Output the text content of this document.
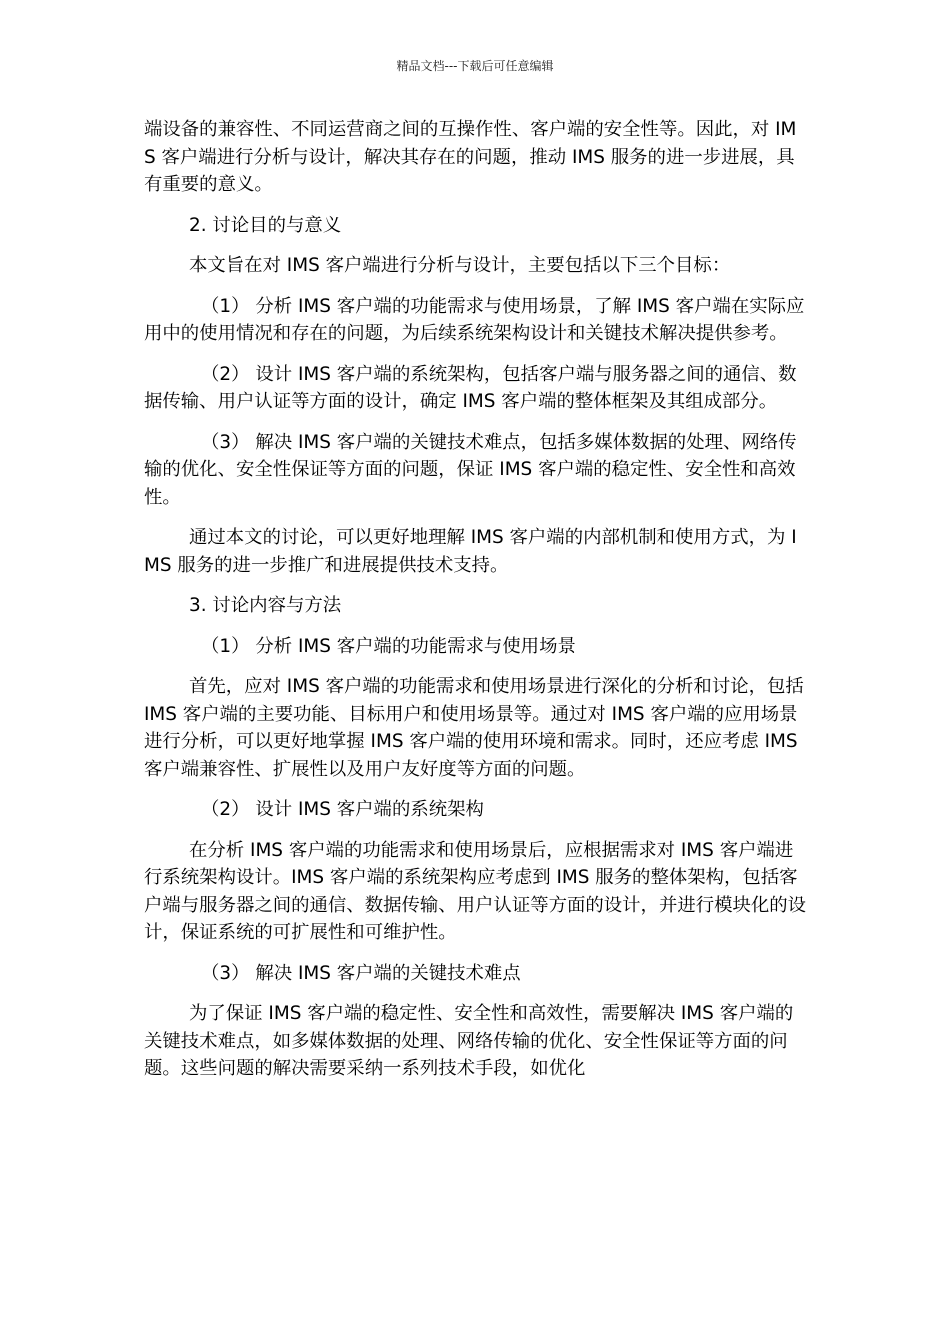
精品文档---下载后可任意编辑

端设备的兼容性、不同运营商之间的互操作性、客户端的安全性等。因此，对 IMS 客户端进行分析与设计，解决其存在的问题，推动 IMS 服务的进一步进展，具有重要的意义。

2. 讨论目的与意义

本文旨在对 IMS 客户端进行分析与设计，主要包括以下三个目标：

（1） 分析 IMS 客户端的功能需求与使用场景，了解 IMS 客户端在实际应用中的使用情况和存在的问题，为后续系统架构设计和关键技术解决提供参考。

（2） 设计 IMS 客户端的系统架构，包括客户端与服务器之间的通信、数据传输、用户认证等方面的设计，确定 IMS 客户端的整体框架及其组成部分。

（3） 解决 IMS 客户端的关键技术难点，包括多媒体数据的处理、网络传输的优化、安全性保证等方面的问题，保证 IMS 客户端的稳定性、安全性和高效性。

通过本文的讨论，可以更好地理解 IMS 客户端的内部机制和使用方式，为 IMS 服务的进一步推广和进展提供技术支持。

3. 讨论内容与方法

（1） 分析 IMS 客户端的功能需求与使用场景

首先，应对 IMS 客户端的功能需求和使用场景进行深化的分析和讨论，包括 IMS 客户端的主要功能、目标用户和使用场景等。通过对 IMS 客户端的应用场景进行分析，可以更好地掌握 IMS 客户端的使用环境和需求。同时，还应考虑 IMS 客户端兼容性、扩展性以及用户友好度等方面的问题。

（2） 设计 IMS 客户端的系统架构

在分析 IMS 客户端的功能需求和使用场景后，应根据需求对 IMS 客户端进行系统架构设计。IMS 客户端的系统架构应考虑到 IMS 服务的整体架构，包括客户端与服务器之间的通信、数据传输、用户认证等方面的设计，并进行模块化的设计，保证系统的可扩展性和可维护性。

（3） 解决 IMS 客户端的关键技术难点

为了保证 IMS 客户端的稳定性、安全性和高效性，需要解决 IMS 客户端的关键技术难点，如多媒体数据的处理、网络传输的优化、安全性保证等方面的问题。这些问题的解决需要采纳一系列技术手段，如优化
